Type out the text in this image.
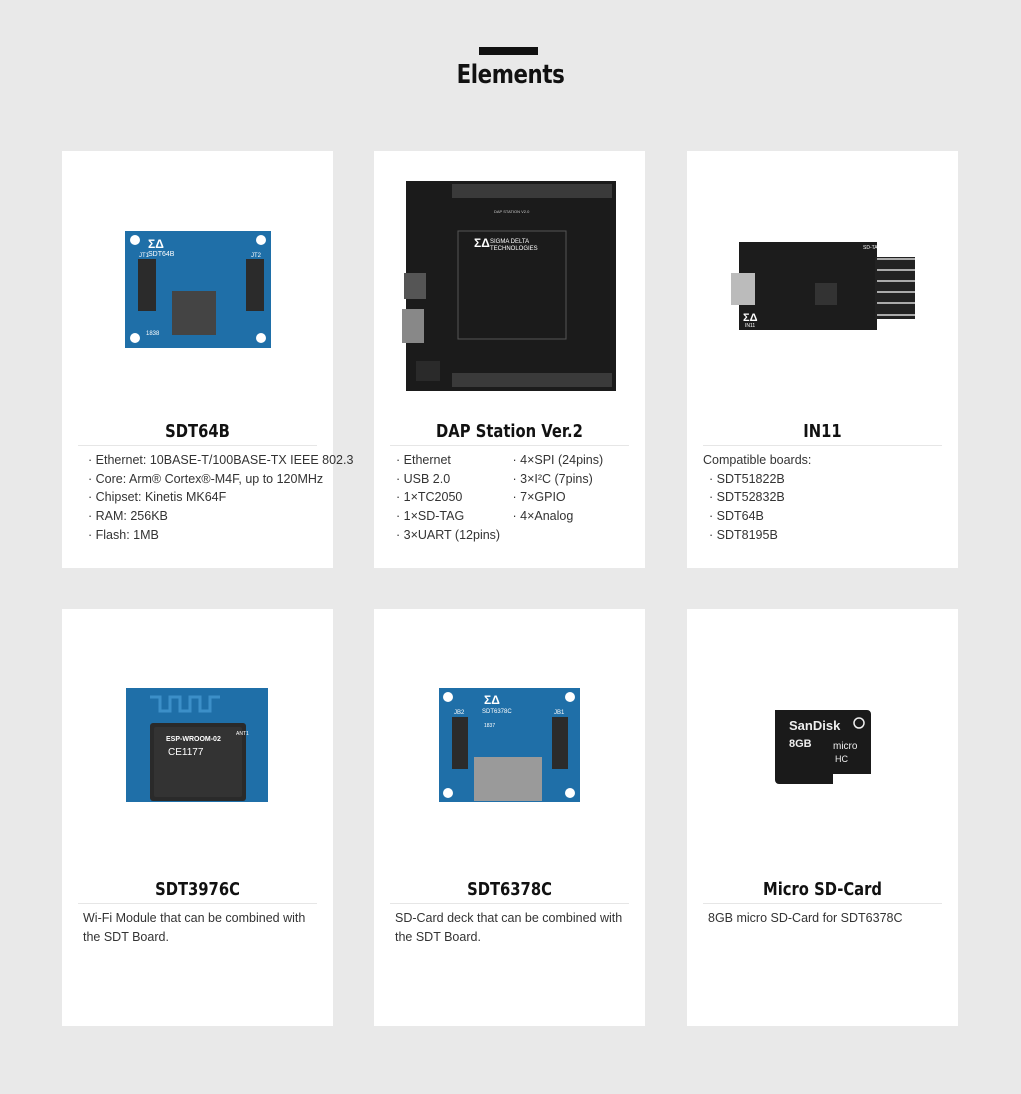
Elements
ΣΔ
SDT64B
JT1	JT2
1838
SDT64B
· Ethernet: 10BASE-T/100BASE-TX IEEE 802.3
· Core: Arm® Cortex®-M4F, up to 120MHz
· Chipset: Kinetis MK64F
· RAM: 256KB
· Flash: 1MB
ΣΔ SIGMA DELTA
TECHNOLOGIES
DAP STATION V2.0
DAP Station Ver.2
· Ethernet
· USB 2.0
· 1×TC2050
· 1×SD-TAG
· 3×UART (12pins)
· 4×SPI (24pins)
· 3×I²C (7pins)
· 7×GPIO
· 4×Analog
ΣΔ
IN11
SD-TAG
IN11
Compatible boards:
· SDT51822B
· SDT52832B
· SDT64B
· SDT8195B
ESP-WROOM-02
CE1177
ANT1
SDT3976C

Wi-Fi Module that can be combined with the SDT Board.

ΣΔ
SDT6378C
JB2	JB1
1837
SDT6378C

SD-Card deck that can be combined with the SDT Board.

SanDisk
8GB micro
HC
Micro SD-Card

8GB micro SD-Card for SDT6378C
